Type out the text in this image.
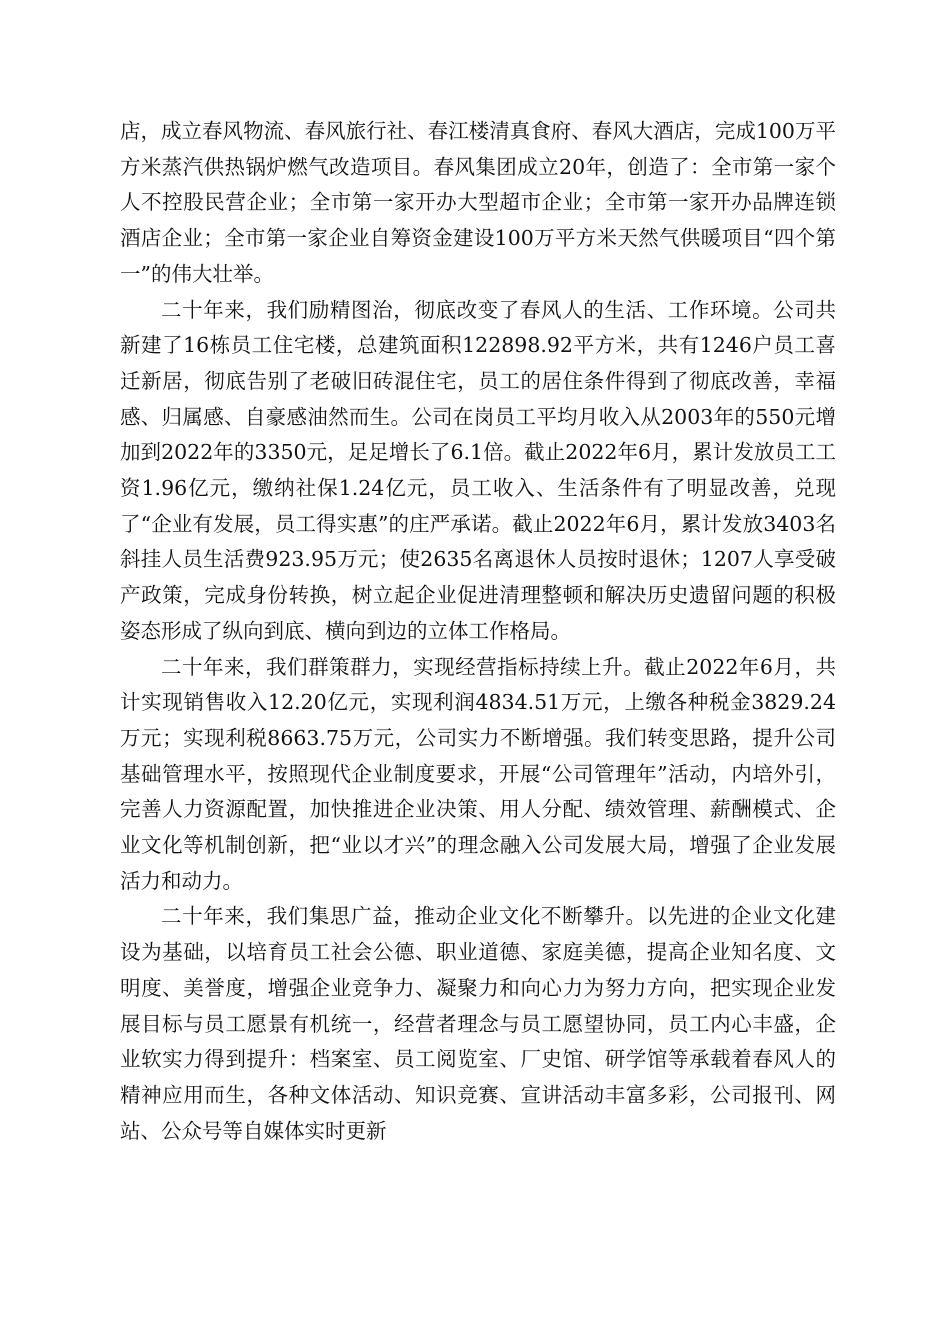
店，成立春风物流、春风旅行社、春江楼清真食府、春风大酒店，完成100万平方米蒸汽供热锅炉燃气改造项目。春风集团成立20年，创造了：全市第一家个人不控股民营企业；全市第一家开办大型超市企业；全市第一家开办品牌连锁酒店企业；全市第一家企业自筹资金建设100万平方米天然气供暖项目“四个第一”的伟大壮举。

二十年来，我们励精图治，彻底改变了春风人的生活、工作环境。公司共新建了16栋员工住宅楼，总建筑面积122898.92平方米，共有1246户员工喜迁新居，彻底告别了老破旧砖混住宅，员工的居住条件得到了彻底改善，幸福感、归属感、自豪感油然而生。公司在岗员工平均月收入从2003年的550元增加到2022年的3350元，足足增长了6.1倍。截止2022年6月，累计发放员工工资1.96亿元，缴纳社保1.24亿元，员工收入、生活条件有了明显改善，兑现了“企业有发展，员工得实惠”的庄严承诺。截止2022年6月，累计发放3403名斜挂人员生活费923.95万元；使2635名离退休人员按时退休；1207人享受破产政策，完成身份转换，树立起企业促进清理整顿和解决历史遗留问题的积极姿态形成了纵向到底、横向到边的立体工作格局。

二十年来，我们群策群力，实现经营指标持续上升。截止2022年6月，共计实现销售收入12.20亿元，实现利润4834.51万元，上缴各种税金3829.24万元；实现利税8663.75万元，公司实力不断增强。我们转变思路，提升公司基础管理水平，按照现代企业制度要求，开展“公司管理年”活动，内培外引，完善人力资源配置，加快推进企业决策、用人分配、绩效管理、薪酬模式、企业文化等机制创新，把“业以才兴”的理念融入公司发展大局，增强了企业发展活力和动力。

二十年来，我们集思广益，推动企业文化不断攀升。以先进的企业文化建设为基础，以培育员工社会公德、职业道德、家庭美德，提高企业知名度、文明度、美誉度，增强企业竞争力、凝聚力和向心力为努力方向，把实现企业发展目标与员工愿景有机统一，经营者理念与员工愿望协同，员工内心丰盛，企业软实力得到提升：档案室、员工阅览室、厂史馆、研学馆等承载着春风人的精神应用而生，各种文体活动、知识竞赛、宣讲活动丰富多彩，公司报刊、网站、公众号等自媒体实时更新
